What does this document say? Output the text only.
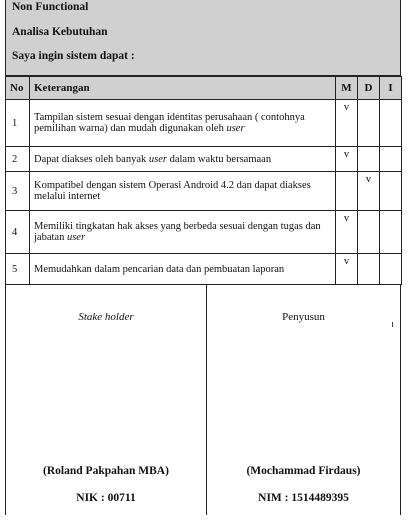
Non Functional
Analisa Kebutuhan
Saya ingin sistem dapat :
No	Keterangan	M	D	I
1	Tampilan sistem sesuai dengan identitas perusahaan ( contohnya pemilihan warna) dan mudah digunakan oleh user	v		
2	Dapat diakses oleh banyak user dalam waktu bersamaan	v		
3	Kompatibel dengan sistem Operasi Android 4.2 dan dapat diakses melalui internet		v	
4	Memiliki tingkatan hak akses yang berbeda sesuai dengan tugas dan jabatan user	v		
5	Memudahkan dalam pencarian data dan pembuatan laporan	v		
Stake holder
(Roland Pakpahan MBA)
NIK : 00711
Penyusun
(Mochammad Firdaus)
NIM : 1514489395
